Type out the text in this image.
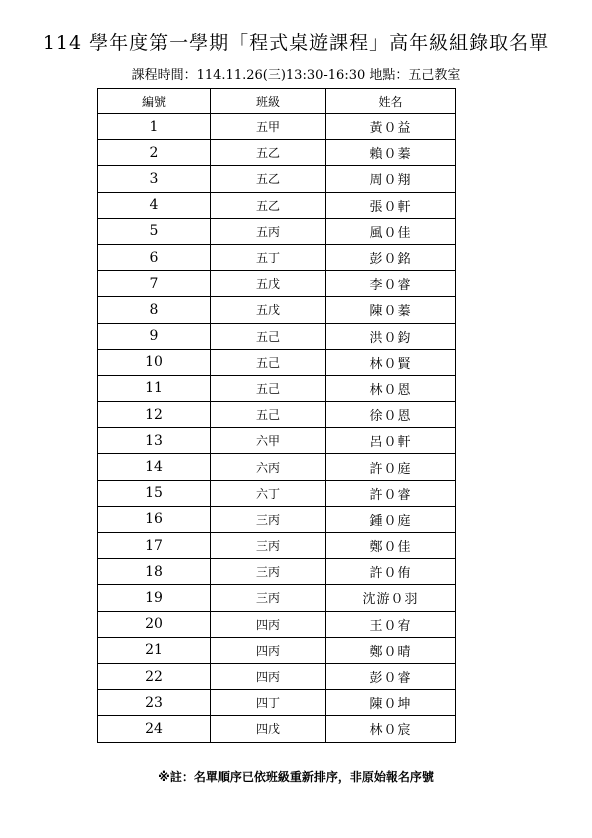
114 學年度第一學期「程式桌遊課程」高年級組錄取名單
課程時間：114.11.26(三)13:30-16:30 地點：五己教室
編號	班級	姓名
1	五甲	黃０益
2	五乙	賴０蓁
3	五乙	周０翔
4	五乙	張０軒
5	五丙	風０佳
6	五丁	彭０銘
7	五戊	李０睿
8	五戊	陳０蓁
9	五己	洪０鈞
10	五己	林０賢
11	五己	林０恩
12	五己	徐０恩
13	六甲	呂０軒
14	六丙	許０庭
15	六丁	許０睿
16	三丙	鍾０庭
17	三丙	鄭０佳
18	三丙	許０侑
19	三丙	沈游０羽
20	四丙	王０宥
21	四丙	鄭０晴
22	四丙	彭０睿
23	四丁	陳０坤
24	四戊	林０宸
※註：名單順序已依班級重新排序，非原始報名序號
